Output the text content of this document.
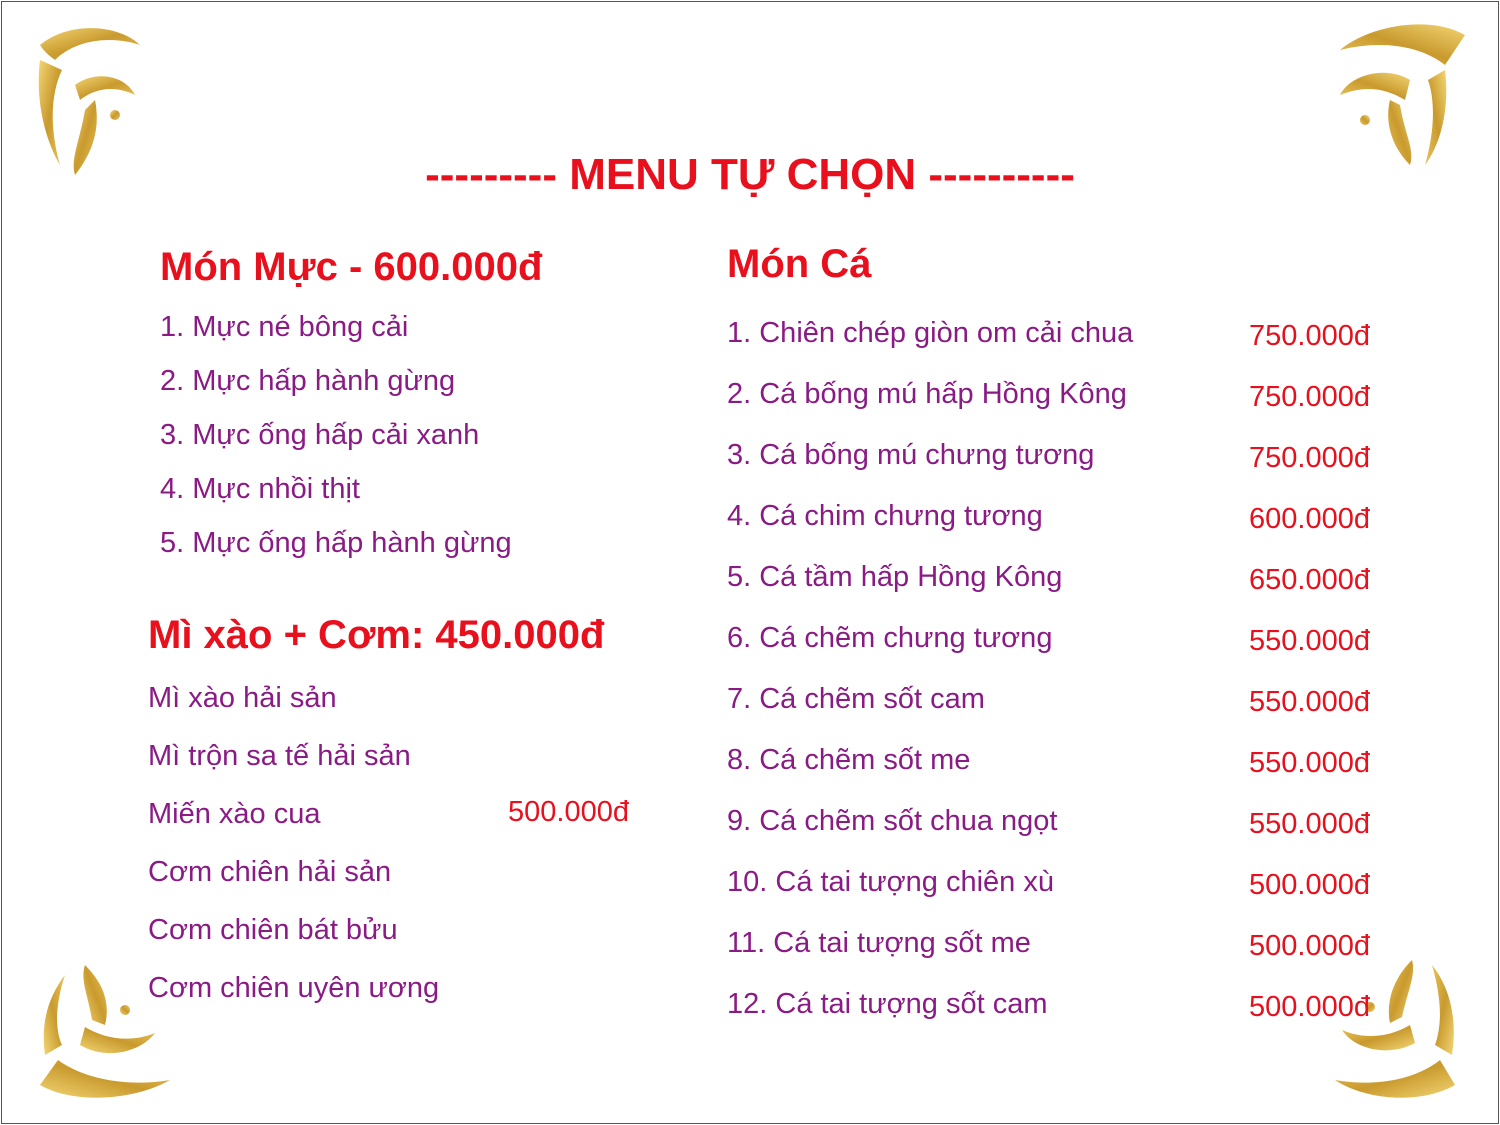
--------- MENU TỰ CHỌN ----------
Món Mực - 600.000đ
1. Mực né bông cải
2. Mực hấp hành gừng
3. Mực ống hấp cải xanh
4. Mực nhồi thịt
5. Mực ống hấp hành gừng
Mì xào + Cơm: 450.000đ
Mì xào hải sản
Mì trộn sa tế hải sản
Miến xào cua	500.000đ
Cơm chiên hải sản
Cơm chiên bát bửu
Cơm chiên uyên ương
Món Cá
1. Chiên chép giòn om cải chua	750.000đ
2. Cá bống mú hấp Hồng Kông	750.000đ
3. Cá bống mú chưng tương	750.000đ
4. Cá chim chưng tương	600.000đ
5. Cá tầm hấp Hồng Kông	650.000đ
6. Cá chẽm chưng tương	550.000đ
7. Cá chẽm sốt cam	550.000đ
8. Cá chẽm sốt me	550.000đ
9. Cá chẽm sốt chua ngọt	550.000đ
10. Cá tai tượng chiên xù	500.000đ
11. Cá tai tượng sốt me	500.000đ
12. Cá tai tượng sốt cam	500.000đ
